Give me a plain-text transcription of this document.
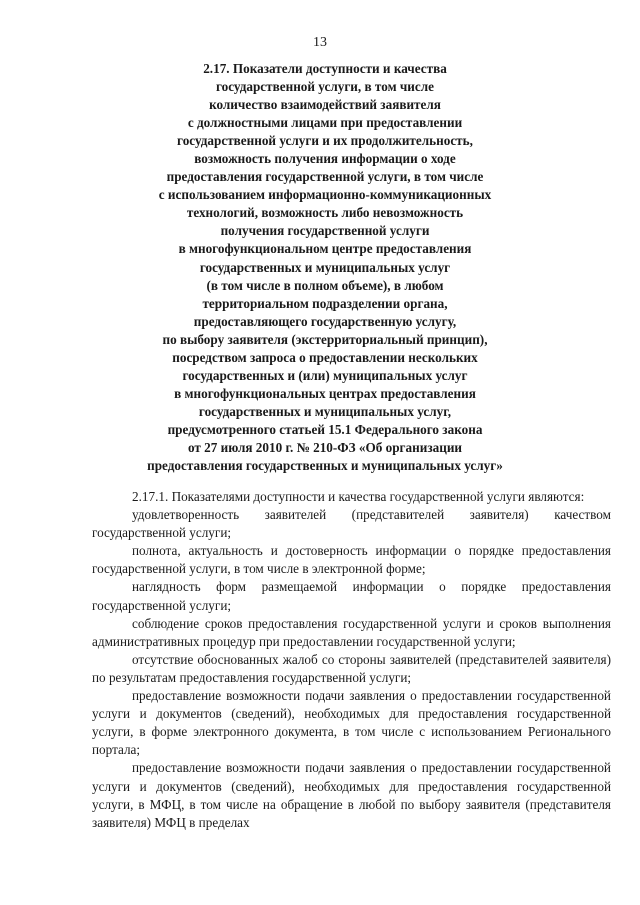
13
2.17. Показатели доступности и качества
государственной услуги, в том числе
количество взаимодействий заявителя
с должностными лицами при предоставлении
государственной услуги и их продолжительность,
возможность получения информации о ходе
предоставления государственной услуги, в том числе
с использованием информационно-коммуникационных
технологий, возможность либо невозможность
получения государственной услуги
в многофункциональном центре предоставления
государственных и муниципальных услуг
(в том числе в полном объеме), в любом
территориальном подразделении органа,
предоставляющего государственную услугу,
по выбору заявителя (экстерриториальный принцип),
посредством запроса о предоставлении нескольких
государственных и (или) муниципальных услуг
в многофункциональных центрах предоставления
государственных и муниципальных услуг,
предусмотренного статьей 15.1 Федерального закона
от 27 июля 2010 г. № 210-ФЗ «Об организации
предоставления государственных и муниципальных услуг»

2.17.1. Показателями доступности и качества государственной услуги являются:

удовлетворенность заявителей (представителей заявителя) качеством государственной услуги;

полнота, актуальность и достоверность информации о порядке предоставления государственной услуги, в том числе в электронной форме;

наглядность форм размещаемой информации о порядке предоставления государственной услуги;

соблюдение сроков предоставления государственной услуги и сроков выполнения административных процедур при предоставлении государственной услуги;

отсутствие обоснованных жалоб со стороны заявителей (представителей заявителя) по результатам предоставления государственной услуги;

предоставление возможности подачи заявления о предоставлении государственной услуги и документов (сведений), необходимых для предоставления государственной услуги, в форме электронного документа, в том числе с использованием Регионального портала;

предоставление возможности подачи заявления о предоставлении государственной услуги и документов (сведений), необходимых для предоставления государственной услуги, в МФЦ, в том числе на обращение в любой по выбору заявителя (представителя заявителя) МФЦ в пределах
